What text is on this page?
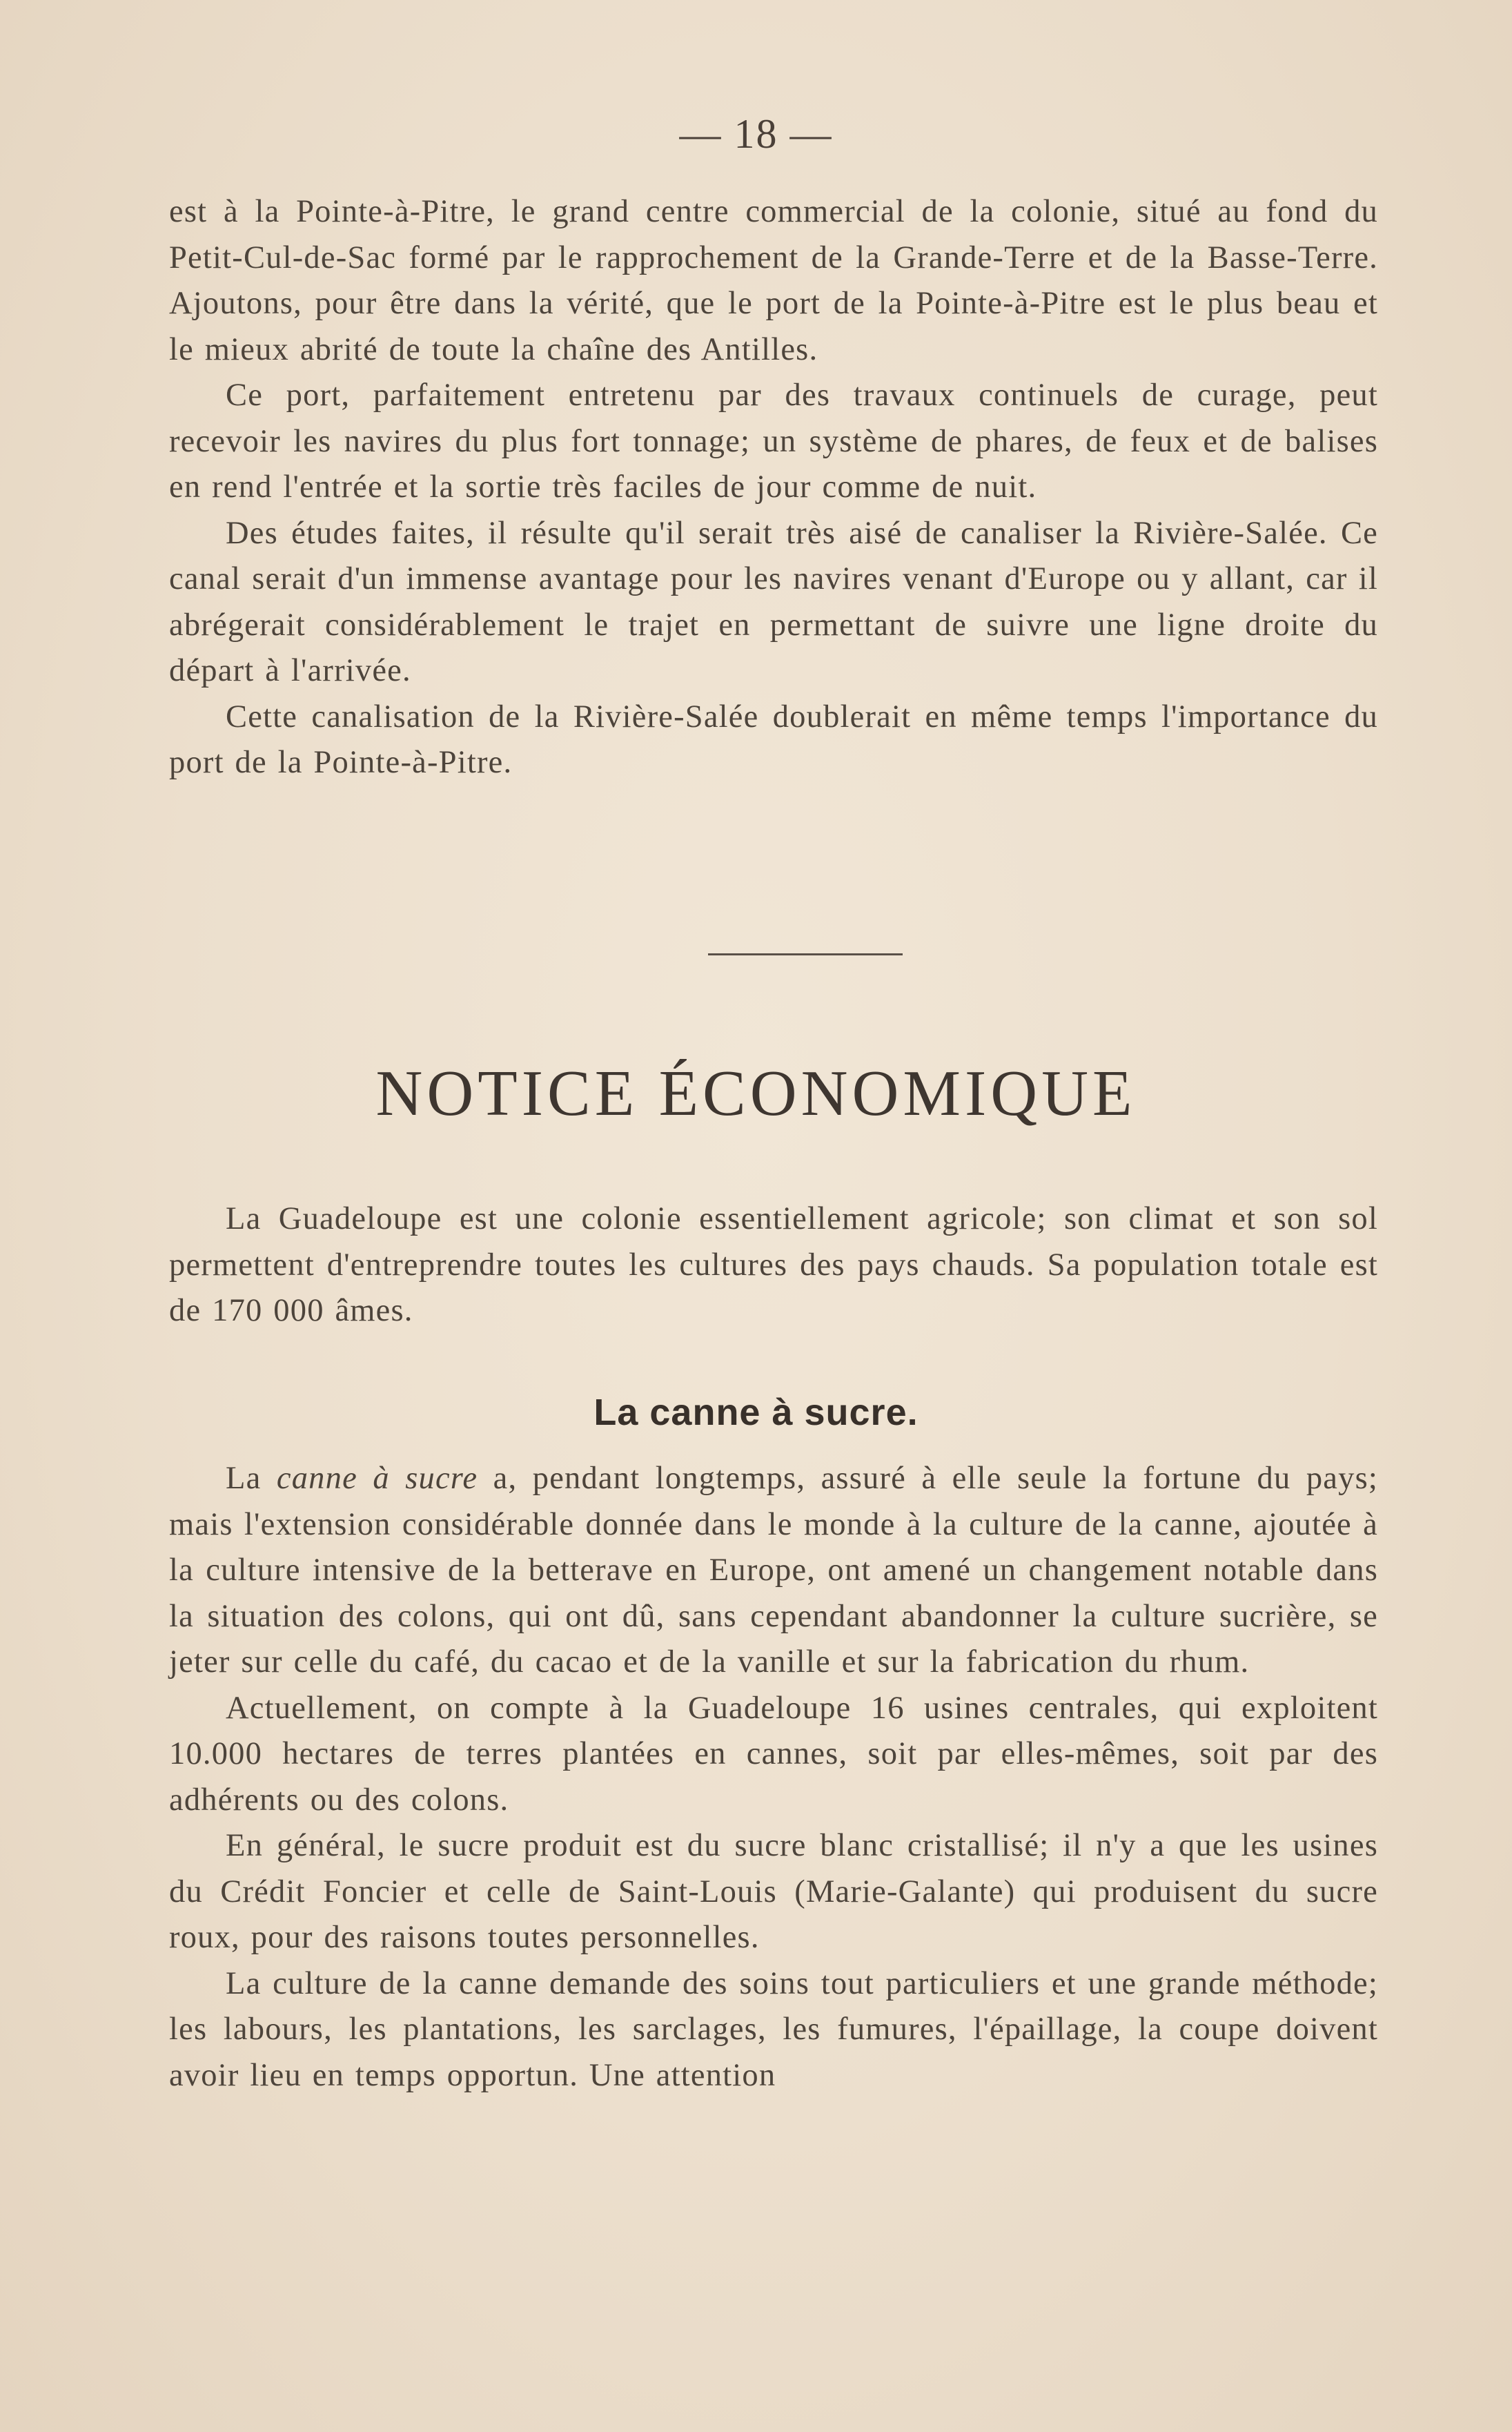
— 18 —

est à la Pointe-à-Pitre, le grand centre commercial de la colonie, situé au fond du Petit-Cul-de-Sac formé par le rapprochement de la Grande-Terre et de la Basse-Terre. Ajoutons, pour être dans la vérité, que le port de la Pointe-à-Pitre est le plus beau et le mieux abrité de toute la chaîne des Antilles.

Ce port, parfaitement entretenu par des travaux continuels de curage, peut recevoir les navires du plus fort tonnage; un système de phares, de feux et de balises en rend l'entrée et la sortie très faciles de jour comme de nuit.

Des études faites, il résulte qu'il serait très aisé de canaliser la Rivière-Salée. Ce canal serait d'un immense avantage pour les navires venant d'Europe ou y allant, car il abrégerait considérablement le trajet en permettant de suivre une ligne droite du départ à l'arrivée.

Cette canalisation de la Rivière-Salée doublerait en même temps l'importance du port de la Pointe-à-Pitre.

NOTICE ÉCONOMIQUE

La Guadeloupe est une colonie essentiellement agricole; son climat et son sol permettent d'entreprendre toutes les cultures des pays chauds. Sa population totale est de 170 000 âmes.

La canne à sucre.

La canne à sucre a, pendant longtemps, assuré à elle seule la fortune du pays; mais l'extension considérable donnée dans le monde à la culture de la canne, ajoutée à la culture intensive de la betterave en Europe, ont amené un changement notable dans la situation des colons, qui ont dû, sans cependant abandonner la culture sucrière, se jeter sur celle du café, du cacao et de la vanille et sur la fabrication du rhum.

Actuellement, on compte à la Guadeloupe 16 usines centrales, qui exploitent 10.000 hectares de terres plantées en cannes, soit par elles-mêmes, soit par des adhérents ou des colons.

En général, le sucre produit est du sucre blanc cristallisé; il n'y a que les usines du Crédit Foncier et celle de Saint-Louis (Marie-Galante) qui produisent du sucre roux, pour des raisons toutes personnelles.

La culture de la canne demande des soins tout particuliers et une grande méthode; les labours, les plantations, les sarclages, les fumures, l'épaillage, la coupe doivent avoir lieu en temps opportun. Une attention
